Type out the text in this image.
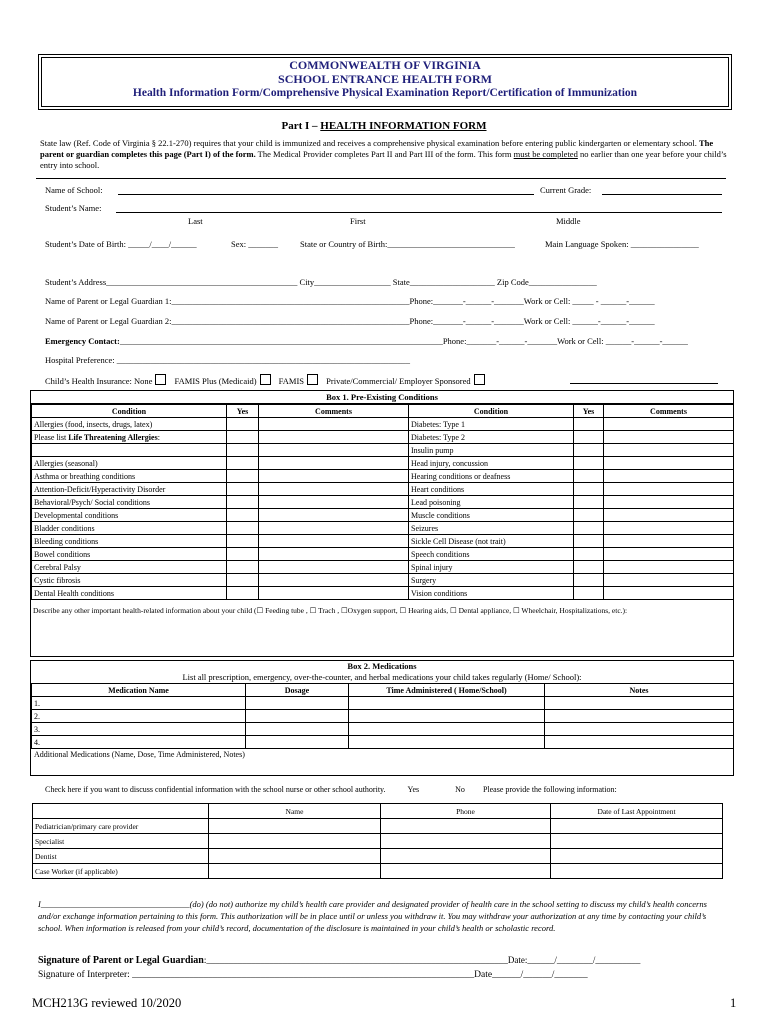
COMMONWEALTH OF VIRGINIA
SCHOOL ENTRANCE HEALTH FORM
Health Information Form/Comprehensive Physical Examination Report/Certification of Immunization
Part I – HEALTH INFORMATION FORM
State law (Ref. Code of Virginia § 22.1-270) requires that your child is immunized and receives a comprehensive physical examination before entering public kindergarten or elementary school. The parent or guardian completes this page (Part I) of the form. The Medical Provider completes Part II and Part III of the form. This form must be completed no earlier than one year before your child’s entry into school.
Name of School:	Current Grade:
Student’s Name:
Last	First	Middle
Student’s Date of Birth: _____/____/______	Sex: _______	State or Country of Birth:______________________________	Main Language Spoken: ________________
Student’s Address_____________________________________________ City__________________ State____________________ Zip Code________________
Name of Parent or Legal Guardian 1:________________________________________________________Phone:_______-______-_______Work or Cell: _____ - ______-______
Name of Parent or Legal Guardian 2:________________________________________________________Phone:_______-______-_______Work or Cell: ______-______-______
Emergency Contact:____________________________________________________________________________Phone:_______-______-_______Work or Cell: ______-______-______
Hospital Preference: _____________________________________________________________________
Child’s Health Insurance: None	FAMIS Plus (Medicaid)	FAMIS	Private/Commercial/ Employer Sponsored
Box 1. Pre-Existing Conditions
Condition	Yes	Comments	Condition	Yes	Comments
Allergies (food, insects, drugs, latex)			Diabetes: Type 1		
Please list Life Threatening Allergies:			Diabetes: Type 2		
			Insulin pump		
Allergies (seasonal)			Head injury, concussion		
Asthma or breathing conditions			Hearing conditions or deafness		
Attention-Deficit/Hyperactivity Disorder			Heart conditions		
Behavioral/Psych/ Social conditions			Lead poisoning		
Developmental conditions			Muscle conditions		
Bladder conditions			Seizures		
Bleeding conditions			Sickle Cell Disease (not trait)		
Bowel conditions			Speech conditions		
Cerebral Palsy			Spinal injury		
Cystic fibrosis			Surgery		
Dental Health conditions			Vision conditions		
Describe any other important health-related information about your child (☐ Feeding tube , ☐ Trach , ☐Oxygen support, ☐ Hearing aids, ☐ Dental appliance, ☐ Wheelchair, Hospitalizations, etc.):
Box 2. Medications
List all prescription, emergency, over-the-counter, and herbal medications your child takes regularly (Home/ School):
Medication Name	Dosage	Time Administered ( Home/School)	Notes
1.			
2.			
3.			
4.			
Additional Medications (Name, Dose, Time Administered, Notes)
Check here if you want to discuss confidential information with the school nurse or other school authority.	Yes	No Please provide the following information:
	Name	Phone	Date of Last Appointment
Pediatrician/primary care provider			
Specialist			
Dentist			
Case Worker (if applicable)			
I___________________________________(do) (do not) authorize my child’s health care provider and designated provider of health care in the school setting to discuss my child’s health concerns and/or exchange information pertaining to this form. This authorization will be in place until or unless you withdraw it. You may withdraw your authorization at any time by contacting your child’s school. When information is released from your child’s record, documentation of the disclosure is maintained in your child’s health or scholastic record.
Signature of Parent or Legal Guardian:___________________________________________________________________Date:______/________/__________
Signature of Interpreter: ________________________________________________________________________Date______/______/_______
MCH213G reviewed 10/2020	1
